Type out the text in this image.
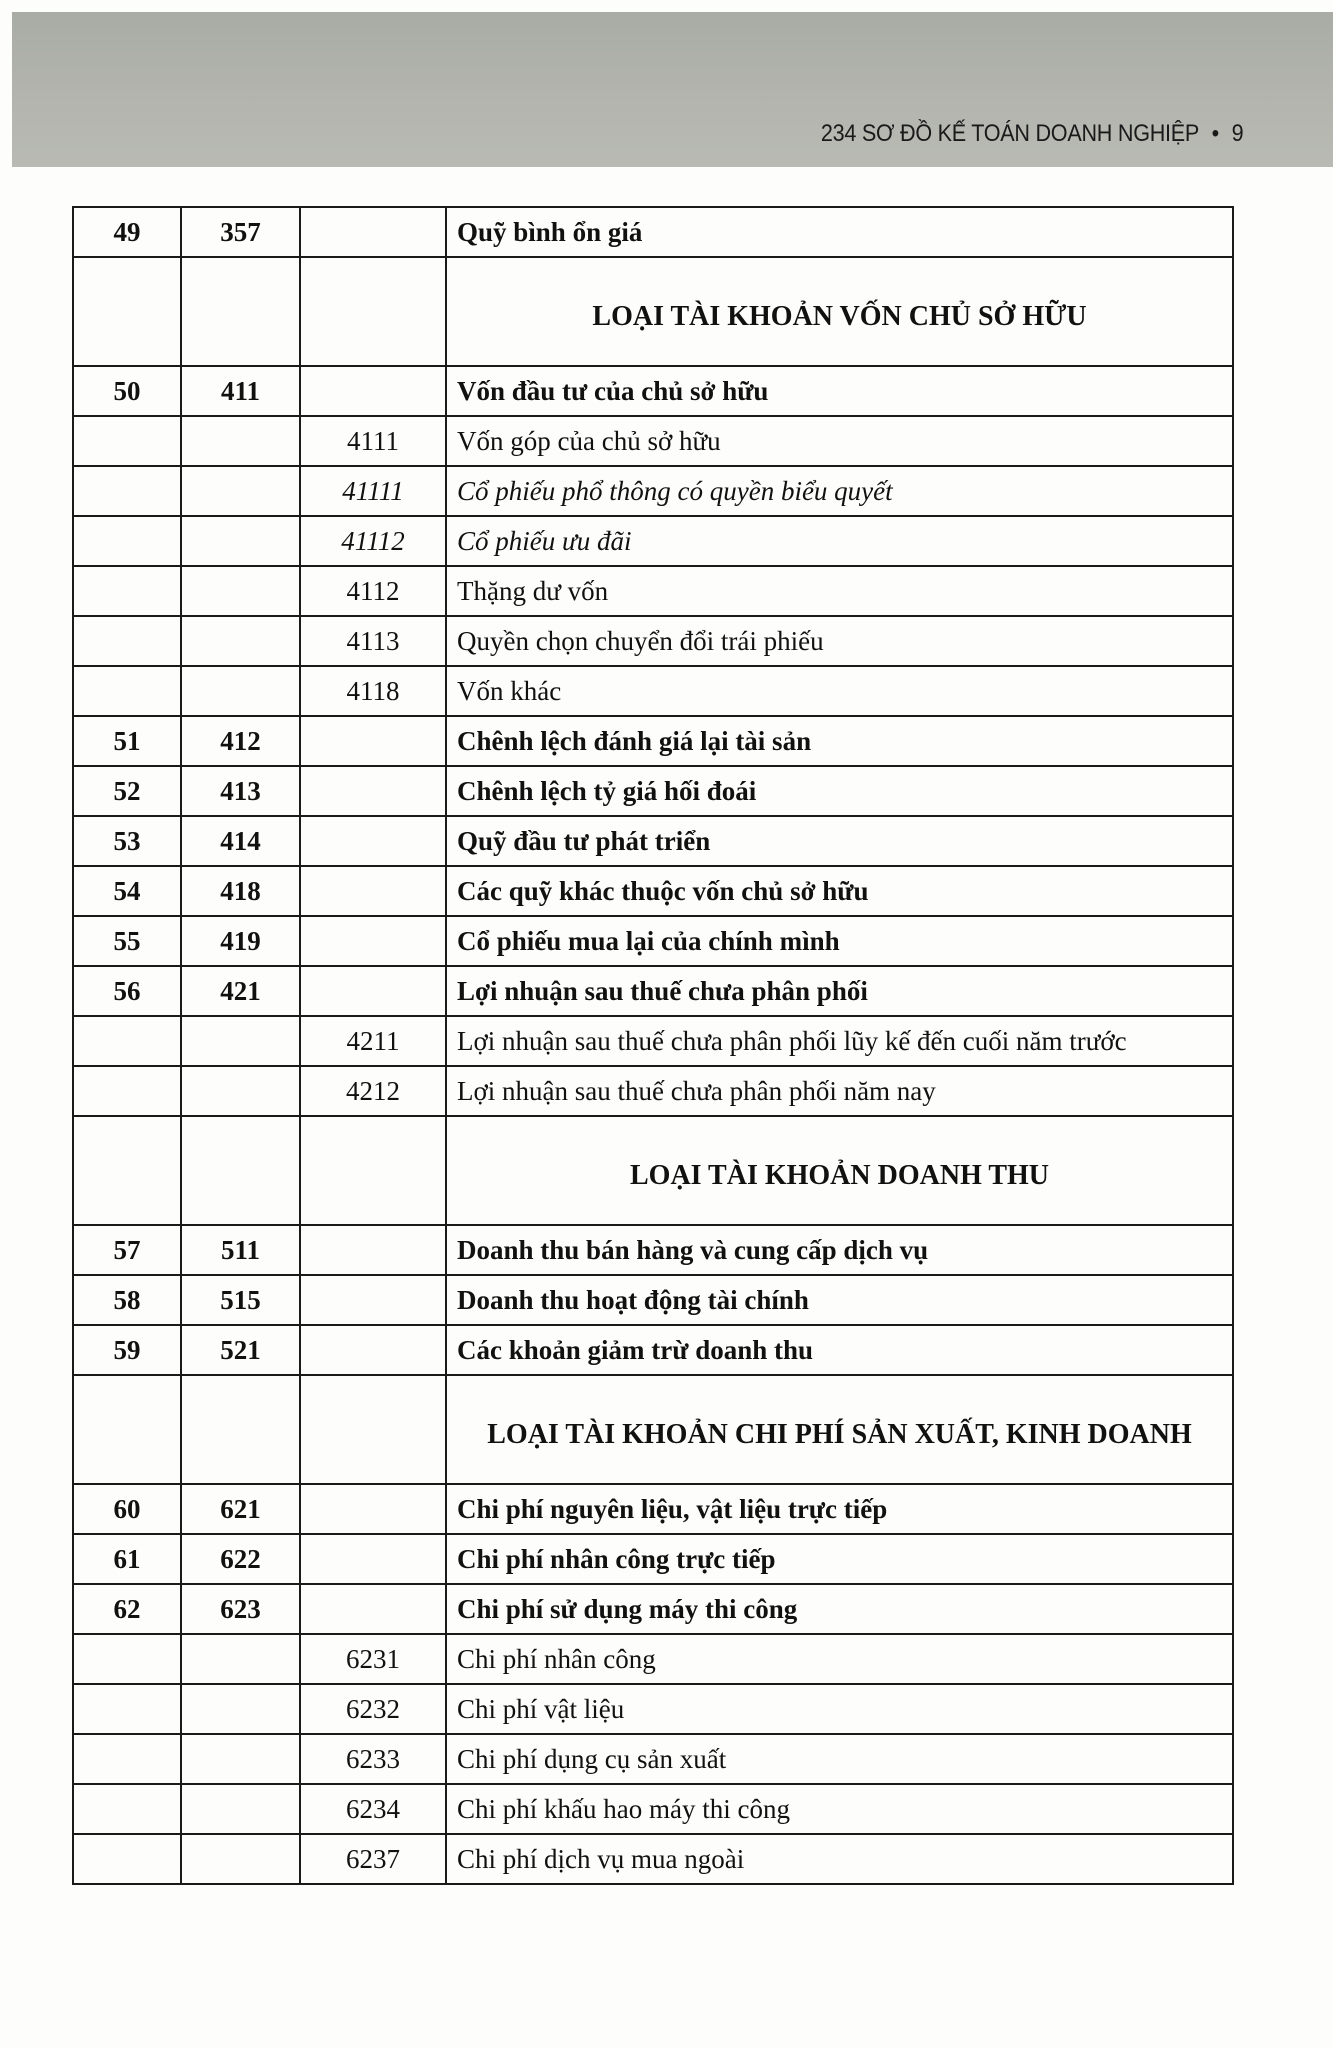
234 SƠ ĐỒ KẾ TOÁN DOANH NGHIỆP • 9
49	357		Quỹ bình ổn giá
			LOẠI TÀI KHOẢN VỐN CHỦ SỞ HỮU
50	411		Vốn đầu tư của chủ sở hữu
		4111	Vốn góp của chủ sở hữu
		41111	Cổ phiếu phổ thông có quyền biểu quyết
		41112	Cổ phiếu ưu đãi
		4112	Thặng dư vốn
		4113	Quyền chọn chuyển đổi trái phiếu
		4118	Vốn khác
51	412		Chênh lệch đánh giá lại tài sản
52	413		Chênh lệch tỷ giá hối đoái
53	414		Quỹ đầu tư phát triển
54	418		Các quỹ khác thuộc vốn chủ sở hữu
55	419		Cổ phiếu mua lại của chính mình
56	421		Lợi nhuận sau thuế chưa phân phối
		4211	Lợi nhuận sau thuế chưa phân phối lũy kế đến cuối năm trước
		4212	Lợi nhuận sau thuế chưa phân phối năm nay
			LOẠI TÀI KHOẢN DOANH THU
57	511		Doanh thu bán hàng và cung cấp dịch vụ
58	515		Doanh thu hoạt động tài chính
59	521		Các khoản giảm trừ doanh thu
			LOẠI TÀI KHOẢN CHI PHÍ SẢN XUẤT, KINH DOANH
60	621		Chi phí nguyên liệu, vật liệu trực tiếp
61	622		Chi phí nhân công trực tiếp
62	623		Chi phí sử dụng máy thi công
		6231	Chi phí nhân công
		6232	Chi phí vật liệu
		6233	Chi phí dụng cụ sản xuất
		6234	Chi phí khấu hao máy thi công
		6237	Chi phí dịch vụ mua ngoài
